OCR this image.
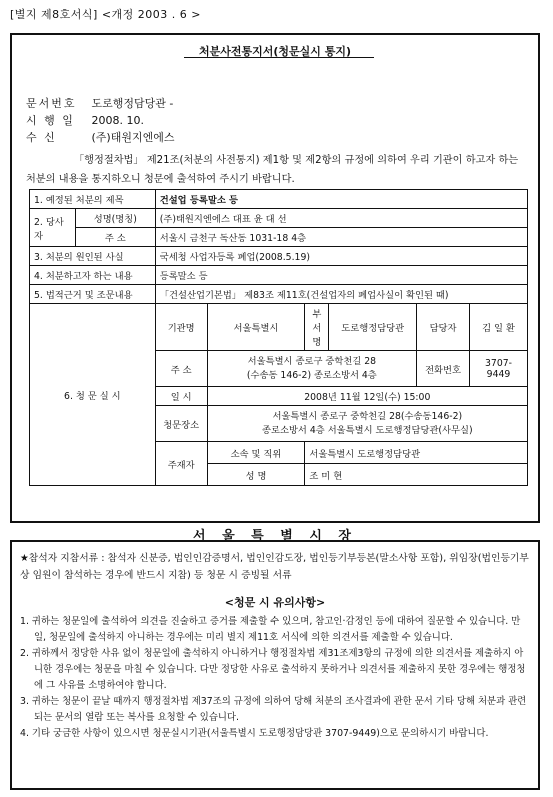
[별지 제8호서식] <개정 2003 . 6 >
처분사전통지서(청문실시 통지)
문서번호 도로행정담당관 -
시 행 일 2008. 10.
수 신	(주)태원지엔에스
「행정절차법」 제21조(처분의 사전통지) 제1항 및 제2항의 규정에 의하여 우리 기관이 하고자 하는 처분의 내용을 통지하오니 청문에 출석하여 주시기 바랍니다.
1. 예정된 처분의 제목		건설업 등록말소 등					
2. 당사자	성명(명칭)	(주)태원지엔에스 대표 윤 대 선					
	주 소	서울시 금천구 독산동 1031-18 4층					
3. 처분의 원인된 사실		국세청 사업자등록 폐업(2008.5.19)					
4. 처분하고자 하는 내용		등록말소 등					
5. 법적근거 및 조문내용		「건설산업기본법」 제83조 제11호(건설업자의 폐업사실이 확인된 때)					
6. 청 문 실 시		기관명	서울특별시	부서명	도로행정담당관	담당자	김 일 환
		주 소	서울특별시 종로구 중학천길 28
(수송동 146-2) 종로소방서 4층			전화번호	3707-9449
		일 시	2008년 11월 12일(수) 15:00				
		청문장소	서울특별시 종로구 중학천길 28(수송동146-2)
종로소방서 4층 서울특별시 도로행정담당관(사무실)				

		주재자	소속 및 직위	서울특별시 도로행정담당관			
			성 명	조 미 현			
서 울 특 별 시 장
★참석자 지참서류 : 참석자 신분증, 법인인감증명서, 법인인감도장, 법인등기부등본(말소사항 포함), 위임장(법인등기부상 임원이 참석하는 경우에 반드시 지참) 등 청문 시 증빙될 서류
<청문 시 유의사항>
1. 귀하는 청문일에 출석하여 의견을 진술하고 증거를 제출할 수 있으며, 참고인·감정인 등에 대하여 질문할 수 있습니다. 만일, 청문일에 출석하지 아니하는 경우에는 미리 별지 제11호 서식에 의한 의견서를 제출할 수 있습니다.
2. 귀하께서 정당한 사유 없이 청문일에 출석하지 아니하거나 행정절차법 제31조제3항의 규정에 의한 의견서를 제출하지 아니한 경우에는 청문을 마칠 수 있습니다. 다만 정당한 사유로 출석하지 못하거나 의견서를 제출하지 못한 경우에는 행정청에 그 사유를 소명하여야 합니다.
3. 귀하는 청문이 끝날 때까지 행정절차법 제37조의 규정에 의하여 당해 처분의 조사결과에 관한 문서 기타 당해 처분과 관련되는 문서의 열람 또는 복사를 요청할 수 있습니다.
4. 기타 궁금한 사항이 있으시면 청문실시기관(서울특별시 도로행정담당관 3707-9449)으로 문의하시기 바랍니다.
